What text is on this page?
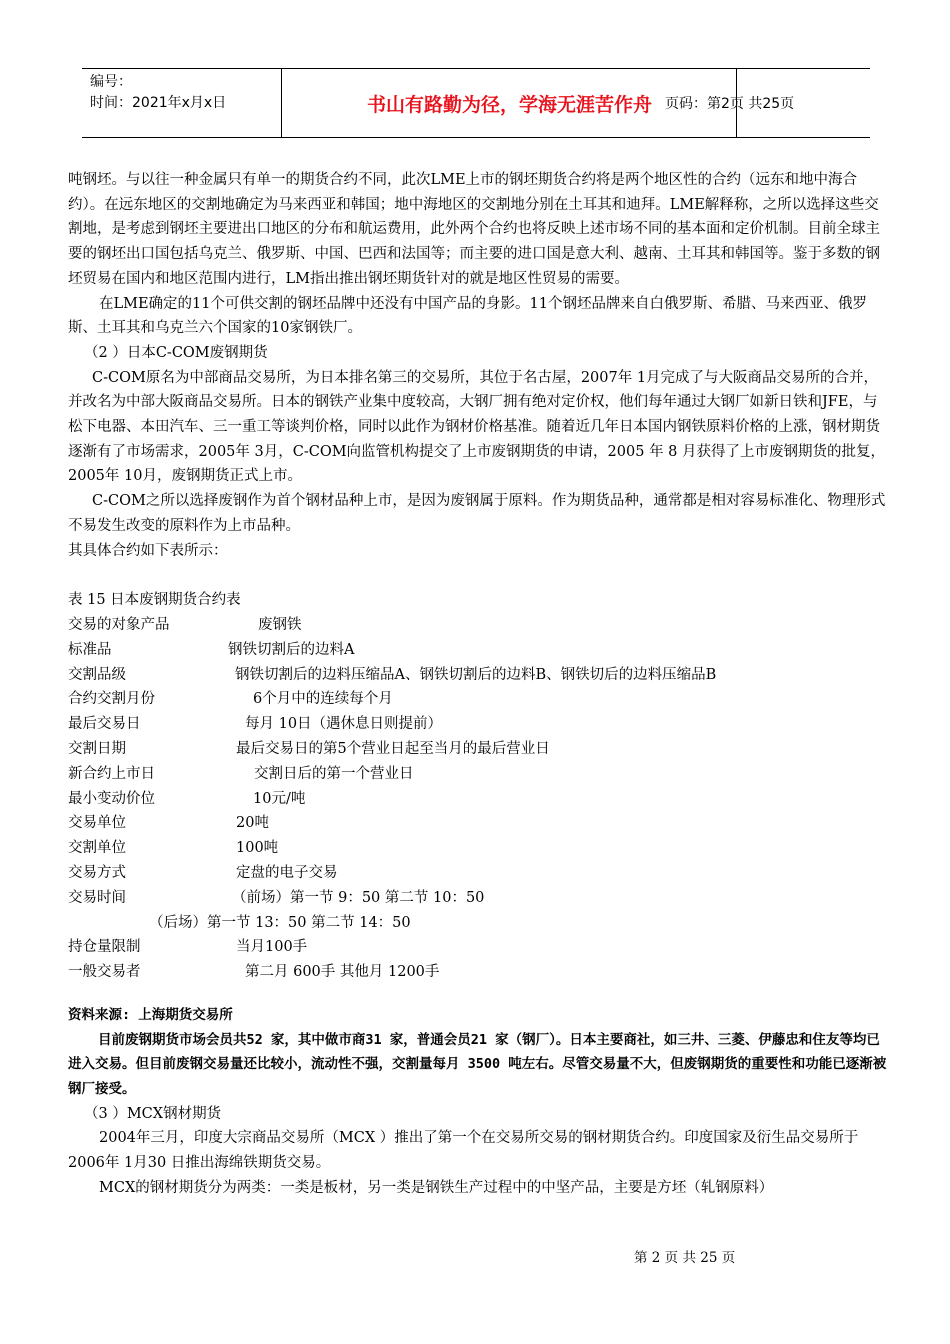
编号：
时间：2021年x月x日	书山有路勤为径，学海无涯苦作舟 页码：第2页 共25页

吨钢坯。与以往一种金属只有单一的期货合约不同，此次LME上市的钢坯期货合约将是两个地区性的合约（远东和地中海合约）。在远东地区的交割地确定为马来西亚和韩国；地中海地区的交割地分别在土耳其和迪拜。LME解释称，之所以选择这些交割地，是考虑到钢坯主要进出口地区的分布和航运费用，此外两个合约也将反映上述市场不同的基本面和定价机制。目前全球主要的钢坯出口国包括乌克兰、俄罗斯、中国、巴西和法国等；而主要的进口国是意大利、越南、土耳其和韩国等。鉴于多数的钢坯贸易在国内和地区范围内进行，LM指出推出钢坯期货针对的就是地区性贸易的需要。

在LME确定的11个可供交割的钢坯品牌中还没有中国产品的身影。11个钢坯品牌来自白俄罗斯、希腊、马来西亚、俄罗斯、土耳其和乌克兰六个国家的10家钢铁厂。

（2 ）日本C-COM废钢期货

C-COM原名为中部商品交易所，为日本排名第三的交易所，其位于名古屋，2007年 1月完成了与大阪商品交易所的合并，并改名为中部大阪商品交易所。日本的钢铁产业集中度较高，大钢厂拥有绝对定价权，他们每年通过大钢厂如新日铁和JFE，与松下电器、本田汽车、三一重工等谈判价格，同时以此作为钢材价格基准。随着近几年日本国内钢铁原料价格的上涨，钢材期货逐渐有了市场需求，2005年 3月，C-COM向监管机构提交了上市废钢期货的申请，2005 年 8 月获得了上市废钢期货的批复，2005年 10月，废钢期货正式上市。

C-COM之所以选择废钢作为首个钢材品种上市，是因为废钢属于原料。作为期货品种，通常都是相对容易标准化、物理形式不易发生改变的原料作为上市品种。

其具体合约如下表所示：

表 15 日本废钢期货合约表

交易的对象产品	废钢铁
标准品	钢铁切割后的边料A
交割品级	钢铁切割后的边料压缩品A、钢铁切割后的边料B、钢铁切后的边料压缩品B
合约交割月份	6个月中的连续每个月
最后交易日	每月 10日（遇休息日则提前）
交割日期	最后交易日的第5个营业日起至当月的最后营业日
新合约上市日	交割日后的第一个营业日
最小变动价位	10元/吨
交易单位	20吨
交割单位	100吨
交易方式	定盘的电子交易
交易时间	（前场）第一节 9：50 第二节 10：50
（后场）第一节 13：50 第二节 14：50
持仓量限制	当月100手
一般交易者	第二月 600手 其他月 1200手

资料来源: 上海期货交易所

目前废钢期货市场会员共52 家，其中做市商31 家，普通会员21 家（钢厂）。日本主要商社，如三井、三菱、伊藤忠和住友等均已进入交易。但目前废钢交易量还比较小，流动性不强，交割量每月 3500 吨左右。尽管交易量不大，但废钢期货的重要性和功能已逐渐被钢厂接受。

（3 ）MCX钢材期货

2004年三月，印度大宗商品交易所（MCX ）推出了第一个在交易所交易的钢材期货合约。印度国家及衍生品交易所于2006年 1月30 日推出海绵铁期货交易。

MCX的钢材期货分为两类：一类是板材，另一类是钢铁生产过程中的中坚产品，主要是方坯（轧钢原料）

第 2 页 共 25 页
